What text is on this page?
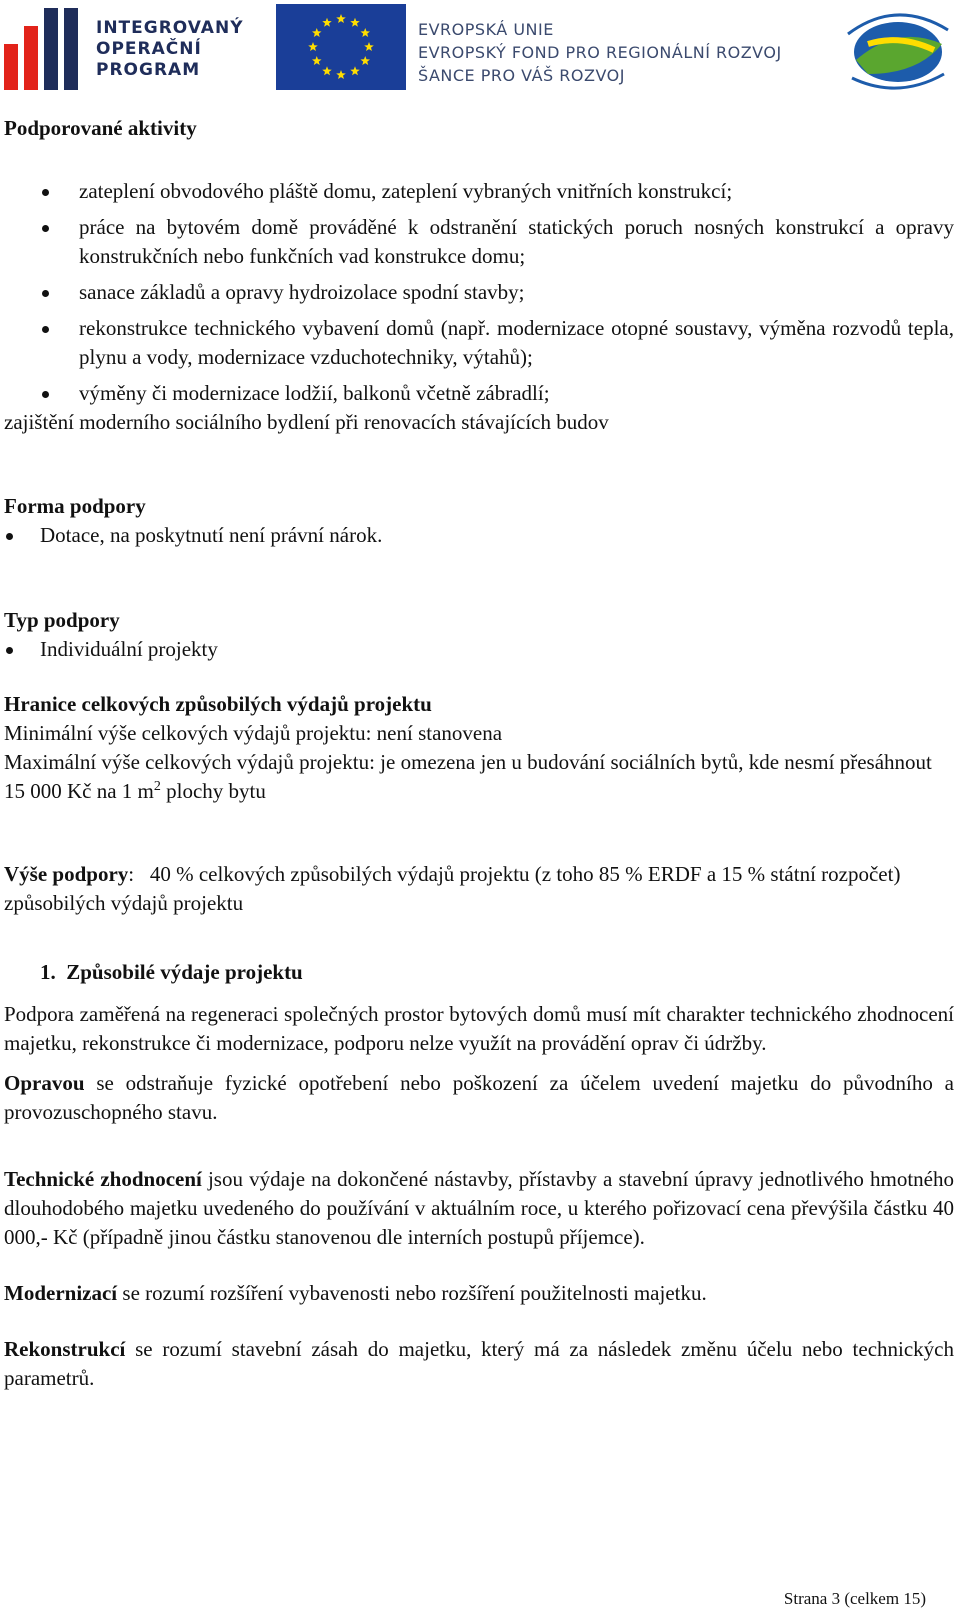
INTEGROVANÝ
OPERAČNÍ
PROGRAM
EVROPSKÁ UNIE
EVROPSKÝ FOND PRO REGIONÁLNÍ ROZVOJ
ŠANCE PRO VÁŠ ROZVOJ
Podporované aktivity
zateplení obvodového pláště domu, zateplení vybraných vnitřních konstrukcí;
práce na bytovém domě prováděné k odstranění statických poruch nosných konstrukcí a opravy konstrukčních nebo funkčních vad konstrukce domu;
sanace základů a opravy hydroizolace spodní stavby;
rekonstrukce technického vybavení domů (např. modernizace otopné soustavy, výměna rozvodů tepla, plynu a vody, modernizace vzduchotechniky, výtahů);
výměny či modernizace lodžií, balkonů včetně zábradlí;

zajištění moderního sociálního bydlení při renovacích stávajících budov

Forma podpory
Dotace, na poskytnutí není právní nárok.
Typ podpory
Individuální projekty
Hranice celkových způsobilých výdajů projektu

Minimální výše celkových výdajů projektu: není stanovena

Maximální výše celkových výdajů projektu: je omezena jen u budování sociálních bytů, kde nesmí přesáhnout 15 000 Kč na 1 $m^2$ plochy bytu

Výše podpory:   40 % celkových způsobilých výdajů projektu (z toho 85 % ERDF a 15 % státní rozpočet) způsobilých výdajů projektu

1. Způsobilé výdaje projektu

Podpora zaměřená na regeneraci společných prostor bytových domů musí mít charakter technického zhodnocení majetku, rekonstrukce či modernizace, podporu nelze využít na provádění oprav či údržby.

Opravou se odstraňuje fyzické opotřebení nebo poškození za účelem uvedení majetku do původního a provozuschopného stavu.

Technické zhodnocení jsou výdaje na dokončené nástavby, přístavby a stavební úpravy jednotlivého hmotného dlouhodobého majetku uvedeného do používání v aktuálním roce, u kterého pořizovací cena převýšila částku 40 000,- Kč (případně jinou částku stanovenou dle interních postupů příjemce).

Modernizací se rozumí rozšíření vybavenosti nebo rozšíření použitelnosti majetku.

Rekonstrukcí se rozumí stavební zásah do majetku, který má za následek změnu účelu nebo technických parametrů.

Strana 3 (celkem 15)
